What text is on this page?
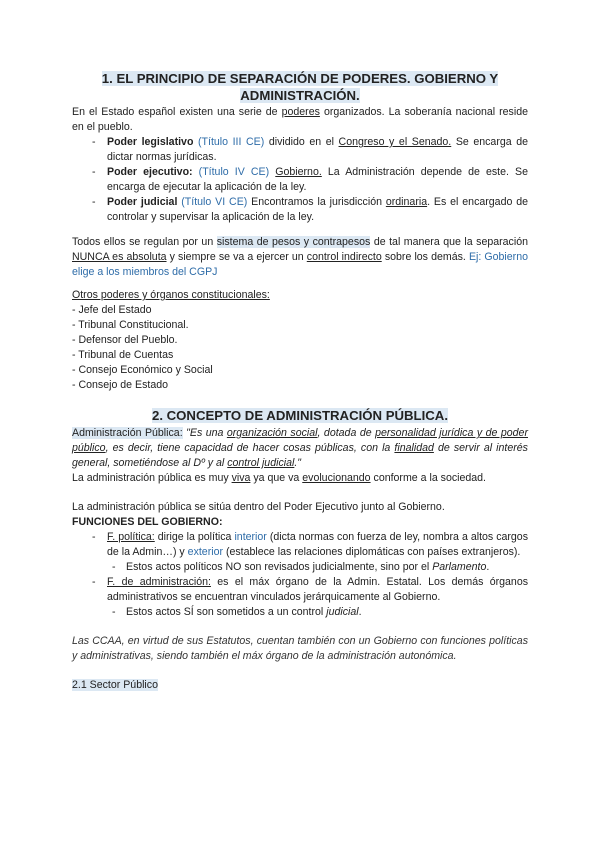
1. EL PRINCIPIO DE SEPARACIÓN DE PODERES. GOBIERNO Y
ADMINISTRACIÓN.

En el Estado español existen una serie de poderes organizados. La soberanía nacional reside en el pueblo.

- Poder legislativo (Título III CE) dividido en el Congreso y el Senado. Se encarga de dictar normas jurídicas.
- Poder ejecutivo: (Título IV CE) Gobierno. La Administración depende de este. Se encarga de ejecutar la aplicación de la ley.
- Poder judicial (Título VI CE) Encontramos la jurisdicción ordinaria. Es el encargado de controlar y supervisar la aplicación de la ley.

Todos ellos se regulan por un sistema de pesos y contrapesos de tal manera que la separación NUNCA es absoluta y siempre se va a ejercer un control indirecto sobre los demás. Ej: Gobierno elige a los miembros del CGPJ

Otros poderes y órganos constitucionales:
- Jefe del Estado
- Tribunal Constitucional.
- Defensor del Pueblo.
- Tribunal de Cuentas
- Consejo Económico y Social
- Consejo de Estado
2. CONCEPTO DE ADMINISTRACIÓN PÚBLICA.

Administración Pública: "Es una organización social, dotada de personalidad jurídica y de poder público, es decir, tiene capacidad de hacer cosas públicas, con la finalidad de servir al interés general, sometiéndose al Dº y al control judicial."

La administración pública es muy viva ya que va evolucionando conforme a la sociedad.

La administración pública se sitúa dentro del Poder Ejecutivo junto al Gobierno.

FUNCIONES DEL GOBIERNO:

- F. política: dirige la política interior (dicta normas con fuerza de ley, nombra a altos cargos de la Admin…) y exterior (establece las relaciones diplomáticas con países extranjeros).
- Estos actos políticos NO son revisados judicialmente, sino por el Parlamento.
- F. de administración: es el máx órgano de la Admin. Estatal. Los demás órganos administrativos se encuentran vinculados jerárquicamente al Gobierno.
- Estos actos SÍ son sometidos a un control judicial.

Las CCAA, en virtud de sus Estatutos, cuentan también con un Gobierno con funciones políticas y administrativas, siendo también el máx órgano de la administración autonómica.

2.1 Sector Público
